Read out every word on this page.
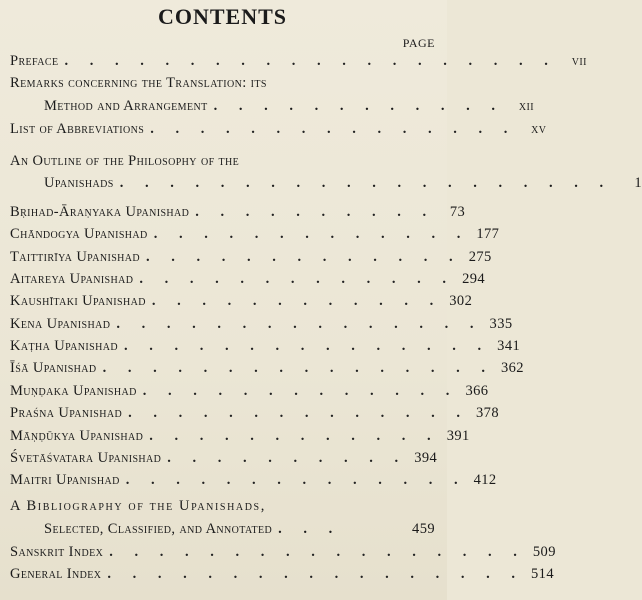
CONTENTS
PAGE
Preface . . . . . . . . . . . . . . . . . . . .	vii
Remarks concerning the Translation: its
Method and Arrangement . . . . . . . . . . . .	xii
List of Abbreviations . . . . . . . . . . . . . . .	xv
An Outline of the Philosophy of the
Upanishads . . . . . . . . . . . . . . . . . . . .	1
Bṛihad-Āraṇyaka Upanishad . . . . . . . . . .	73
Chāndogya Upanishad . . . . . . . . . . . . . 177
Taittirīya Upanishad . . . . . . . . . . . . . 275
Aitareya Upanishad . . . . . . . . . . . . . 294
Kaushītaki Upanishad . . . . . . . . . . . . 302
Kena Upanishad . . . . . . . . . . . . . . . 335
Kaṭha Upanishad . . . . . . . . . . . . . . . 341
Īśā Upanishad . . . . . . . . . . . . . . . . 362
Muṇḍaka Upanishad . . . . . . . . . . . . . 366
Praśna Upanishad . . . . . . . . . . . . . . 378
Māṇḍūkya Upanishad . . . . . . . . . . . . 391
Śvetāśvatara Upanishad . . . . . . . . . . 394
Maitri Upanishad . . . . . . . . . . . . . . 412
A Bibliography of the Upanishads,
Selected, Classified, and Annotated . . .	459
Sanskrit Index . . . . . . . . . . . . . . . . . 509
General Index . . . . . . . . . . . . . . . . . 514
